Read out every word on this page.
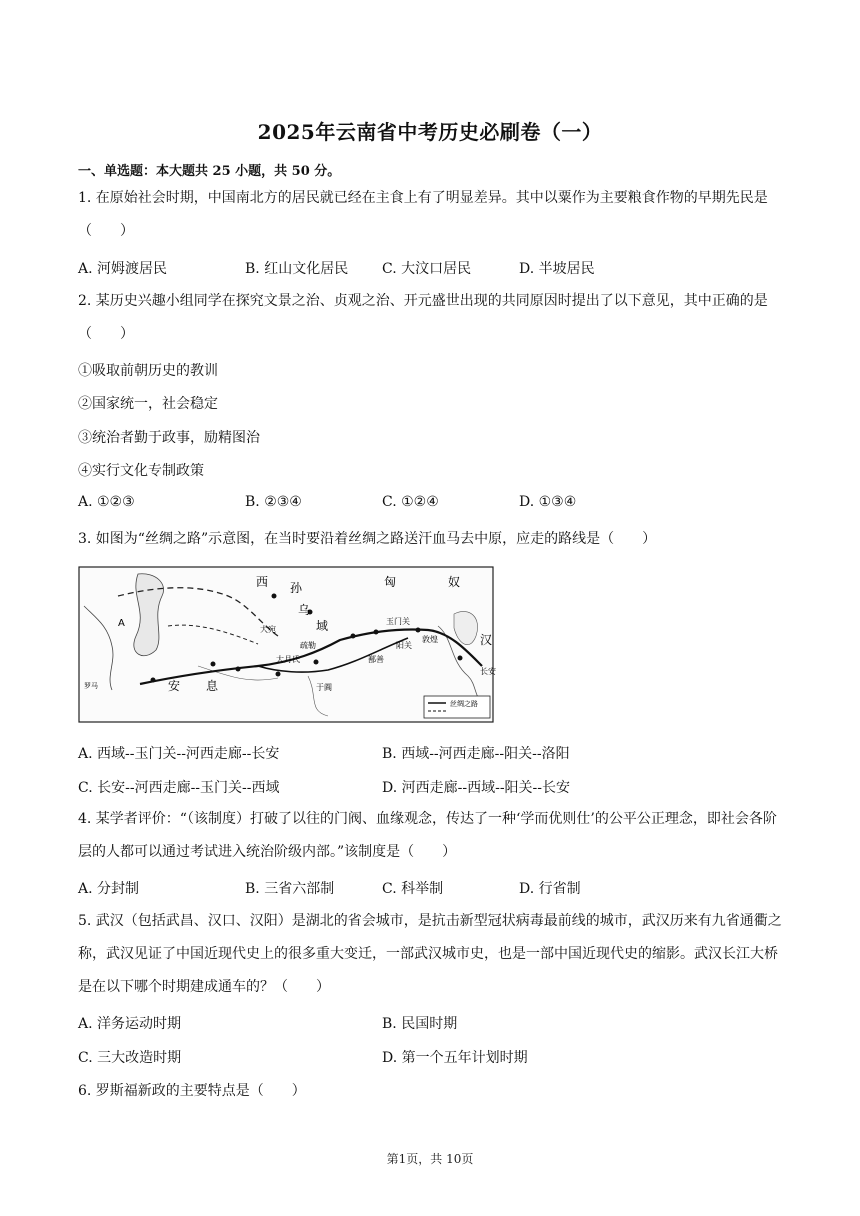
2025年云南省中考历史必刷卷（一）
一、单选题：本大题共 25 小题，共 50 分。
1. 在原始社会时期，中国南北方的居民就已经在主食上有了明显差异。其中以粟作为主要粮食作物的早期先民是（　　）
A. 河姆渡居民	B. 红山文化居民 C. 大汶口居民	D. 半坡居民
2. 某历史兴趣小组同学在探究文景之治、贞观之治、开元盛世出现的共同原因时提出了以下意见，其中正确的是（　　）
①吸取前朝历史的教训
②国家统一，社会稳定
③统治者勤于政事，励精图治
④实行文化专制政策
A. ①②③	B. ②③④	C. ①②④	D. ①③④
3. 如图为“丝绸之路”示意图，在当时要沿着丝绸之路送汗血马去中原，应走的路线是（　　）
罗马
A
西 孙
乌
域
匈	奴
汉
长安
玉门关
阳关
敦煌
鄯善
于阗
大月氏
大宛
疏勒
安 息
丝绸之路
A. 西域--玉门关--河西走廊--长安	B. 西域--河西走廊--阳关--洛阳
C. 长安--河西走廊--玉门关--西域	D. 河西走廊--西域--阳关--长安
4. 某学者评价：“（该制度）打破了以往的门阀、血缘观念，传达了一种‘学而优则仕’的公平公正理念，即社会各阶层的人都可以通过考试进入统治阶级内部。”该制度是（　　）
A. 分封制	B. 三省六部制	C. 科举制	D. 行省制
5. 武汉（包括武昌、汉口、汉阳）是湖北的省会城市，是抗击新型冠状病毒最前线的城市，武汉历来有九省通衢之称，武汉见证了中国近现代史上的很多重大变迁，一部武汉城市史，也是一部中国近现代史的缩影。武汉长江大桥是在以下哪个时期建成通车的？（　　）
A. 洋务运动时期	B. 民国时期
C. 三大改造时期	D. 第一个五年计划时期
6. 罗斯福新政的主要特点是（　　）
第1页，共 10页
